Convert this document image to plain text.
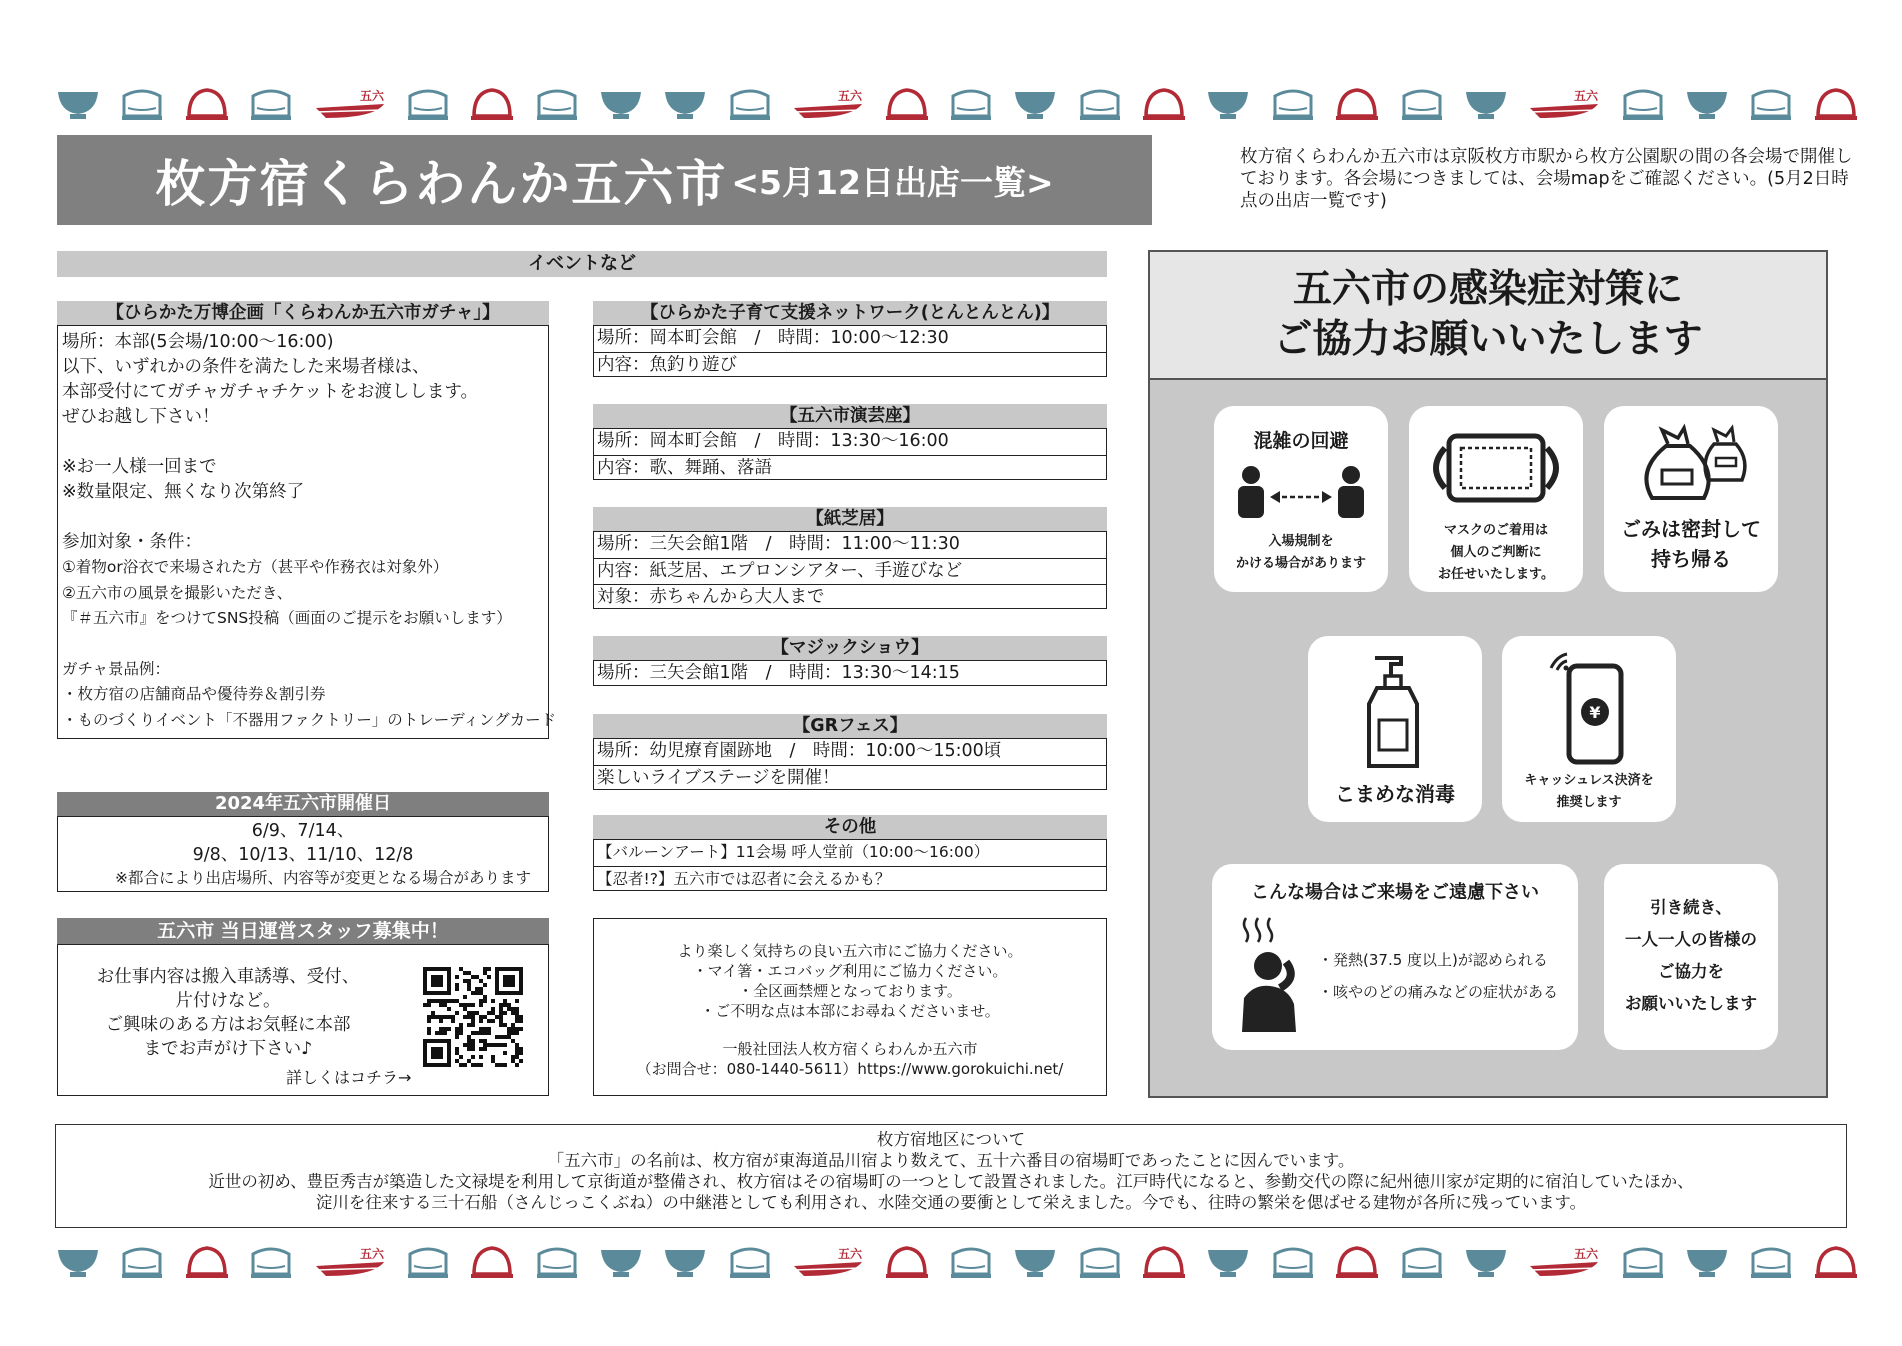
五六	五六	五六
五六	五六	五六
枚方宿くらわんか五六市 <5月12日出店一覧>
枚方宿くらわんか五六市は京阪枚方市駅から枚方公園駅の間の各会場で開催しております。各会場につきましては、会場mapをご確認ください。(5月2日時点の出店一覧です)
イベントなど
【ひらかた万博企画「くらわんか五六市ガチャ」】
場所：本部(5会場/10:00〜16:00)
以下、いずれかの条件を満たした来場者様は、
本部受付にてガチャガチャチケットをお渡しします。
ぜひお越し下さい！
※お一人様一回まで
※数量限定、無くなり次第終了
参加対象・条件：
①着物or浴衣で来場された方（甚平や作務衣は対象外）
②五六市の風景を撮影いただき、
『＃五六市』をつけてSNS投稿（画面のご提示をお願いします）
ガチャ景品例：
・枚方宿の店舗商品や優待券＆割引券
・ものづくりイベント「不器用ファクトリー」のトレーディングカード
2024年五六市開催日
6/9、7/14、
9/8、10/13、11/10、12/8
※都合により出店場所、内容等が変更となる場合があります
五六市 当日運営スタッフ募集中！
お仕事内容は搬入車誘導、受付、
片付けなど。
ご興味のある方はお気軽に本部
までお声がけ下さい♪
詳しくはコチラ→
【ひらかた子育て支援ネットワーク(とんとんとん)】
場所：岡本町会館　/　時間：10:00〜12:30
内容：魚釣り遊び
【五六市演芸座】
場所：岡本町会館　/　時間：13:30〜16:00
内容：歌、舞踊、落語
【紙芝居】
場所：三矢会館1階　/　時間：11:00〜11:30
内容：紙芝居、エプロンシアター、手遊びなど
対象：赤ちゃんから大人まで
【マジックショウ】
場所：三矢会館1階　/　時間：13:30〜14:15
【GRフェス】
場所：幼児療育園跡地　/　時間：10:00〜15:00頃
楽しいライブステージを開催！
その他
【バルーンアート】11会場 呼人堂前（10:00〜16:00）
【忍者!?】五六市では忍者に会えるかも？
より楽しく気持ちの良い五六市にご協力ください。
・マイ箸・エコバッグ利用にご協力ください。
・全区画禁煙となっております。
・ご不明な点は本部にお尋ねくださいませ。
一般社団法人枚方宿くらわんか五六市
（お問合せ：080-1440-5611）https://www.gorokuichi.net/
五六市の感染症対策に
ご協力お願いいたします
混雑の回避
入場規制を
かける場合があります
マスクのご着用は
個人のご判断に
お任せいたします。
ごみは密封して
持ち帰る
こまめな消毒
¥
キャッシュレス決済を
推奨します
こんな場合はご来場をご遠慮下さい
・発熱(37.5 度以上)が認められる
・咳やのどの痛みなどの症状がある
引き続き、
一人一人の皆様の
ご協力を
お願いいたします
枚方宿地区について
「五六市」の名前は、枚方宿が東海道品川宿より数えて、五十六番目の宿場町であったことに因んでいます。
近世の初め、豊臣秀吉が築造した文禄堤を利用して京街道が整備され、枚方宿はその宿場町の一つとして設置されました。江戸時代になると、参勤交代の際に紀州徳川家が定期的に宿泊していたほか、
淀川を往来する三十石船（さんじっこくぶね）の中継港としても利用され、水陸交通の要衝として栄えました。今でも、往時の繁栄を偲ばせる建物が各所に残っています。
